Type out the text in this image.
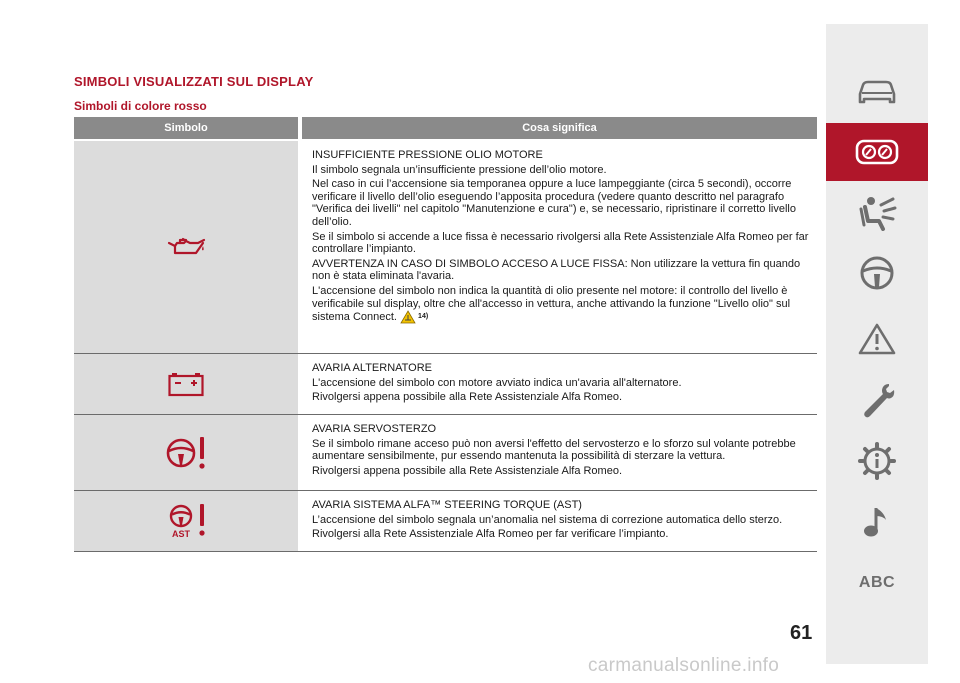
SIMBOLI VISUALIZZATI SUL DISPLAY
Simboli di colore rosso
Simbolo	Cosa significa
INSUFFICIENTE PRESSIONE OLIO MOTORE

Il simbolo segnala un’insufficiente pressione dell’olio motore.

Nel caso in cui l’accensione sia temporanea oppure a luce lampeggiante (circa 5 secondi), occorre verificare il livello dell’olio eseguendo l’apposita procedura (vedere quanto descritto nel paragrafo "Verifica dei livelli" nel capitolo "Manutenzione e cura") e, se necessario, ripristinare il corretto livello dell’olio.

Se il simbolo si accende a luce fissa è necessario rivolgersi alla Rete Assistenziale Alfa Romeo per far controllare l’impianto.

AVVERTENZA IN CASO DI SIMBOLO ACCESO A LUCE FISSA: Non utilizzare la vettura fin quando non è stata eliminata l'avaria.

L'accensione del simbolo non indica la quantità di olio presente nel motore: il controllo del livello è verificabile sul display, oltre che all'accesso in vettura, anche attivando la funzione "Livello olio" sul
sistema Connect.	14)

AVARIA ALTERNATORE

L'accensione del simbolo con motore avviato indica un'avaria all'alternatore.

Rivolgersi appena possibile alla Rete Assistenziale Alfa Romeo.

AVARIA SERVOSTERZO

Se il simbolo rimane acceso può non aversi l'effetto del servosterzo e lo sforzo sul volante potrebbe aumentare sensibilmente, pur essendo mantenuta la possibilità di sterzare la vettura.

Rivolgersi appena possibile alla Rete Assistenziale Alfa Romeo.

AST
AVARIA SISTEMA ALFA™ STEERING TORQUE (AST)

L’accensione del simbolo segnala un’anomalia nel sistema di correzione automatica dello sterzo.

Rivolgersi alla Rete Assistenziale Alfa Romeo per far verificare l’impianto.

ABC
61
carmanualsonline.info
